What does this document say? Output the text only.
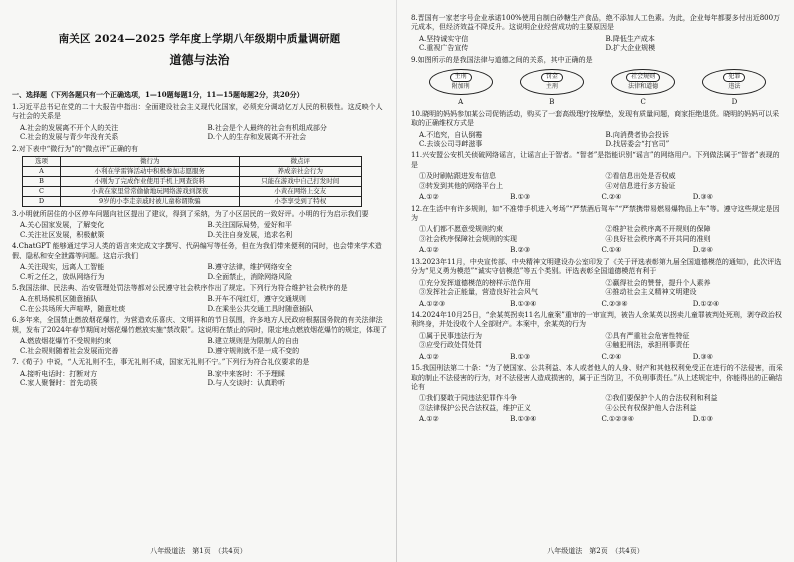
南关区 2024—2025 学年度上学期八年级期中质量调研题
道德与法治
一、选择题（下列各题只有一个正确选项，1—10题每题1分，11—15题每题2分，共20分）
1.习近平总书记在党的二十大报告中指出：全面建设社会主义现代化国家，必须充分调动亿万人民的积极性。这反映个人与社会的关系是
A.社会的发展离不开个人的关注	B.社会是个人最终的社会有机组成部分
C.社会的发展与青少年没有关系	D.个人的生存和发展离不开社会
2.对下表中“微行为”的“微点评”正确的有
选项	微行为	微点评
A	小利在学雷锋活动中积极参加志愿服务	养成亲社会行为
B	小刚为了完成作业使用手机上网查资料	只能在游戏中自己打发时间
C	小黄在家里常常偷偷地玩网络游戏到深夜	小黄在网络上交友
D	9岁的小李走亲戚时被儿童称谓欺骗	小李享受到了特权
3.小明就所居住的小区停车问题向社区提出了建议，得到了采纳，为了小区居民的一致好评。小明的行为启示我们要
A.关心国家发展，了解变化	B.关注国际局势，爱好和平
C.关注社区发展，积极献策	D.关注自身发展，追求名利
4.ChatGPT 能够通过学习人类的语言来完成文字撰写、代码编写等任务，但在为我们带来便利的同时，也会带来学术造假、隐私和安全泄露等问题。这启示我们
A.关注现实，远离人工智能	B.遵守法律，维护网络安全
C.听之任之，放纵网络行为	D.全面禁止，消除网络风险
5.我国法律、民法典、治安管理处罚法等都对公民遵守社会秩序作出了规定。下列行为符合维护社会秩序的是
A.在机场候机区随意插队	B.开车不闯红灯，遵守交通规则
C.在公共场所大声喧哗，随意吐痰	D.在乘坐公共交通工具时随意插队
6.多年来，全国禁止燃放烟花爆竹，为营造欢乐喜庆、文明祥和的节日氛围，许多地方人民政府根据国务院的有关法律法规，发布了2024年春节期间对烟花爆竹燃放实施“禁改限”。这说明在禁止的同时，限定地点燃放烟花爆竹的规定，体现了
A.燃放烟花爆竹不受规则约束	B.建立规则是为限制人的自由
C.社会规则随着社会发展而完善	D.遵守规则就不是一成不变的
7.《荀子》中说，“人无礼则不生，事无礼则不成，国家无礼则不宁。”下列行为符合礼仪要求的是
A.接听电话时：打断对方	B.家中来客时：不予理睬
C.家人聚餐时：首先动筷	D.与人交谈时：认真聆听
八年级道法　第1页　（共4页）
8.晋国有一家老字号企业承诺100%使用自制白砂糖生产食品，绝不添加人工色素。为此，企业每年都要多付出近800万元成本，但经济效益不降反升。这说明企业经营成功的主要原因是
A.坚持诚实守信	B.降低生产成本
C.重视广告宣传	D.扩大企业规模
9.如图所示的是我国法律与道德之间的关系，其中正确的是
主刑
附加刑
A
罚金
主刑
B
社会规则
法律和道德
C
犯罪
违法
D
10.晓明的妈妈参加某公司促销活动，购买了一套高级理疗按摩垫，发现有质量问题，商家拒绝退货。晓明的妈妈可以采取的正确维权方式是
A.不追究，自认倒霉	B.向消费者协会投诉
C.去该公司寻衅滋事	D.找居委会“打官司”
11.兴安盟公安机关侦破网络谣言，让谣言止于智者。“智者”是指能识别“谣言”的网络用户。下列做法属于“智者”表现的是
①及时刷帖跟进发布信息	②看信息出处是否权威
③转发到其他的网络平台上	④对信息进行多方验证
A.①②	B.①③	C.②④	D.③④
12.在生活中有许多规则，如“不准带手机进入考场”“严禁酒后驾车”“严禁携带易燃易爆物品上车”等。遵守这些规定是因为
①人们都不愿意受规则约束	②维护社会秩序离不开规则的保障
③社会秩序保障社会规则的实现	④良好社会秩序离不开共同的准则
A.①②	B.②③	C.①④	D.②④
13.2023年11月，中央宣传部、中央精神文明建设办公室印发了《关于评选表彰第九届全国道德模范的通知》，此次评选分为“见义勇为模范”“诚实守信模范”等五个类别。评选表彰全国道德模范有利于
①充分发挥道德模范的榜样示范作用	②赢得社会的赞誉，提升个人素养
③发挥社会正能量，营造良好社会风气	④推动社会主义精神文明建设
A.①②③	B.①③④	C.②③④	D.①②④
14.2024年10月25日，“余某英拐卖11名儿童案”重审的一审宣判，被告人余某英以拐卖儿童罪被判处死刑，剥夺政治权利终身，并处没收个人全部财产。本案中，余某英的行为
①属于民事违法行为	②具有严重社会危害性特征
③应受行政处罚处罚	④触犯刑法，承担刑事责任
A.①②	B.①③	C.②④	D.③④
15.我国刑法第二十条：“为了使国家、公共利益、本人或者他人的人身、财产和其他权利免受正在进行的不法侵害，而采取的制止不法侵害的行为，对不法侵害人造成损害的，属于正当防卫，不负刑事责任。”从上述规定中，你能得出的正确结论有
①我们要敢于同违法犯罪作斗争	②我们要保护个人的合法权利和利益
③法律保护公民合法权益，维护正义	④公民有权保护他人合法利益
A.①②	B.①③④	C.①②③④	D.①③
八年级道法　第2页　（共4页）
